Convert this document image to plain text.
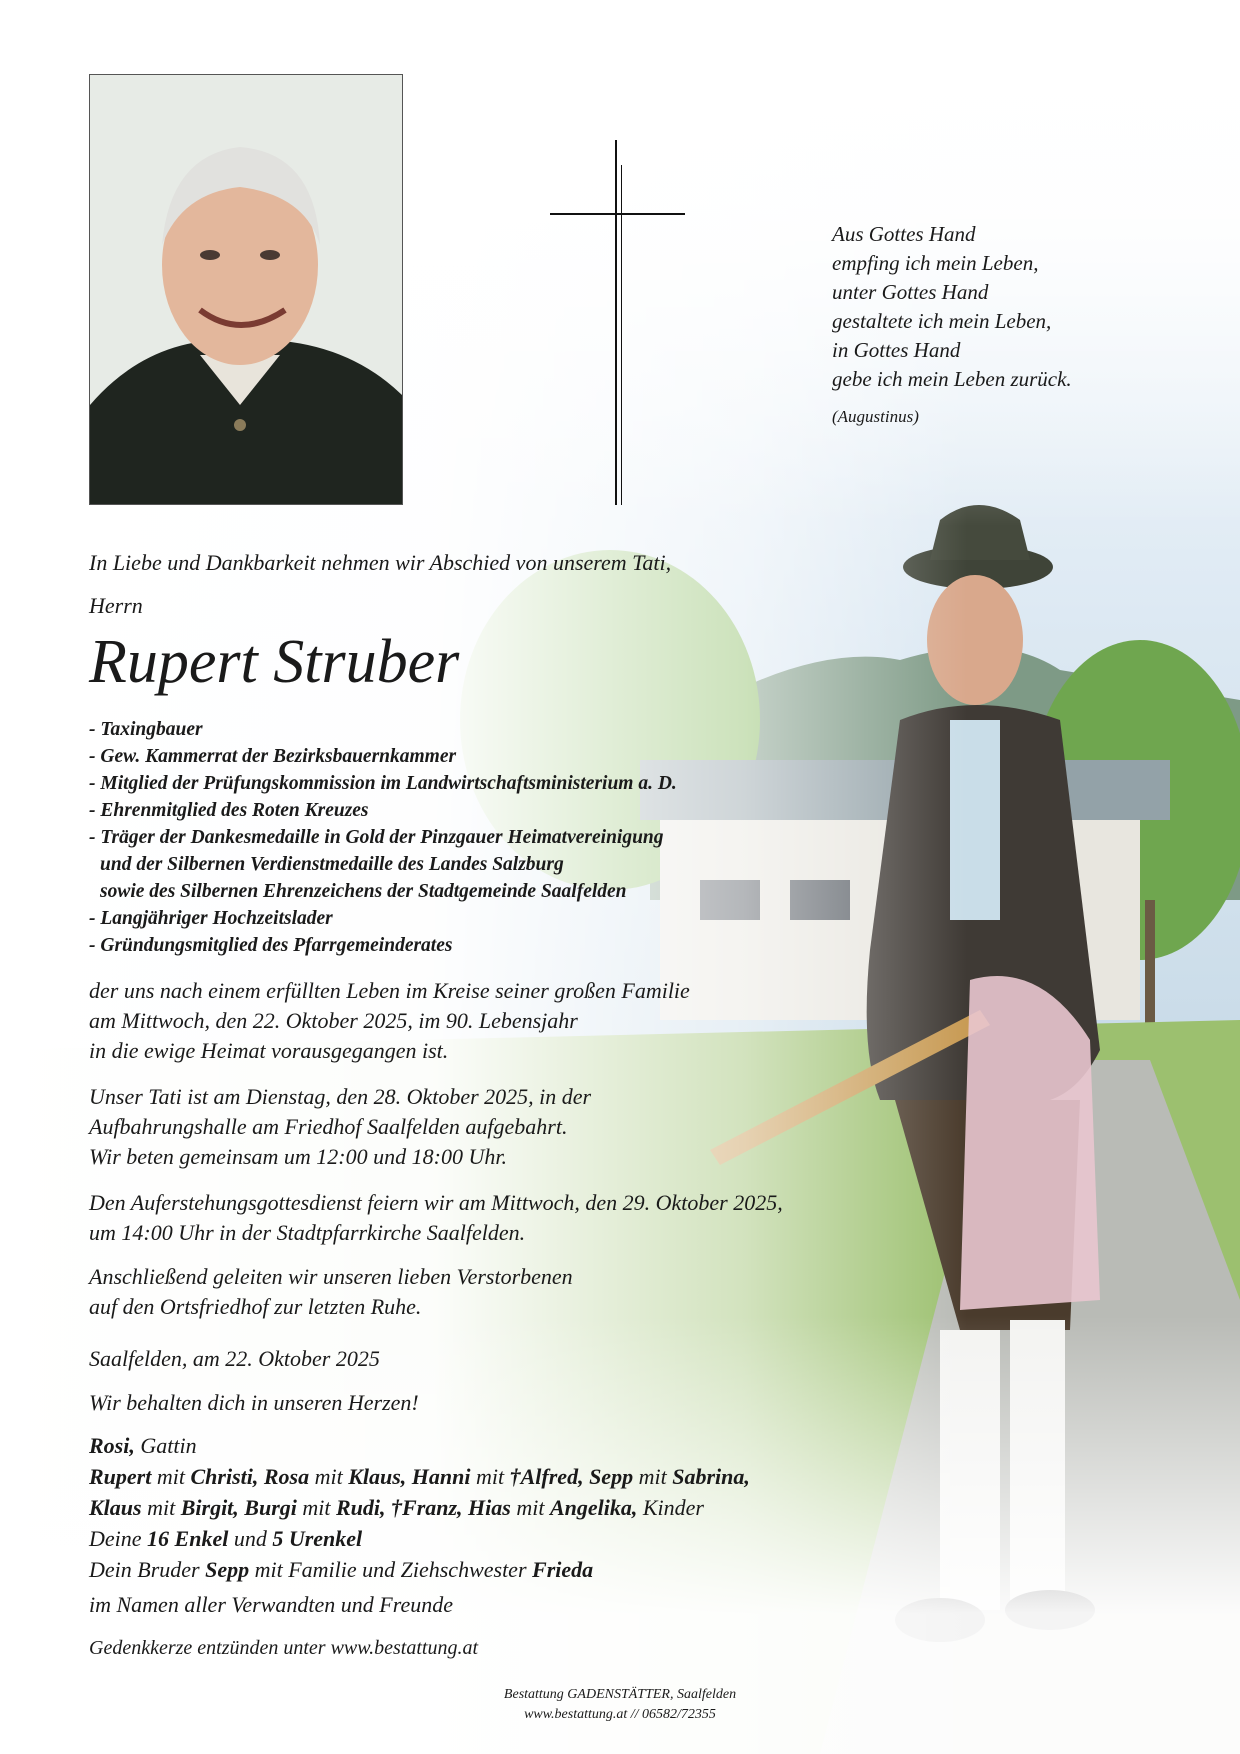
Aus Gottes Hand
empfing ich mein Leben,
unter Gottes Hand
gestaltete ich mein Leben,
in Gottes Hand
gebe ich mein Leben zurück.
(Augustinus)
In Liebe und Dankbarkeit nehmen wir Abschied von unserem Tati,
Herrn
Rupert Struber
- Taxingbauer
- Gew. Kammerrat der Bezirksbauernkammer
- Mitglied der Prüfungskommission im Landwirtschaftsministerium a. D.
- Ehrenmitglied des Roten Kreuzes
- Träger der Dankesmedaille in Gold der Pinzgauer Heimatvereinigung
und der Silbernen Verdienstmedaille des Landes Salzburg
sowie des Silbernen Ehrenzeichens der Stadtgemeinde Saalfelden
- Langjähriger Hochzeitslader
- Gründungsmitglied des Pfarrgemeinderates
der uns nach einem erfüllten Leben im Kreise seiner großen Familie
am Mittwoch, den 22. Oktober 2025, im 90. Lebensjahr
in die ewige Heimat vorausgegangen ist.
Unser Tati ist am Dienstag, den 28. Oktober 2025, in der
Aufbahrungshalle am Friedhof Saalfelden aufgebahrt.
Wir beten gemeinsam um 12:00 und 18:00 Uhr.
Den Auferstehungsgottesdienst feiern wir am Mittwoch, den 29. Oktober 2025,
um 14:00 Uhr in der Stadtpfarrkirche Saalfelden.
Anschließend geleiten wir unseren lieben Verstorbenen
auf den Ortsfriedhof zur letzten Ruhe.
Saalfelden, am 22. Oktober 2025
Wir behalten dich in unseren Herzen!
Rosi, Gattin
Rupert mit Christi, Rosa mit Klaus, Hanni mit †Alfred, Sepp mit Sabrina,
Klaus mit Birgit, Burgi mit Rudi, †Franz, Hias mit Angelika, Kinder
Deine 16 Enkel und 5 Urenkel
Dein Bruder Sepp mit Familie und Ziehschwester Frieda
im Namen aller Verwandten und Freunde
Gedenkkerze entzünden unter www.bestattung.at
Bestattung GADENSTÄTTER, Saalfelden
www.bestattung.at // 06582/72355
